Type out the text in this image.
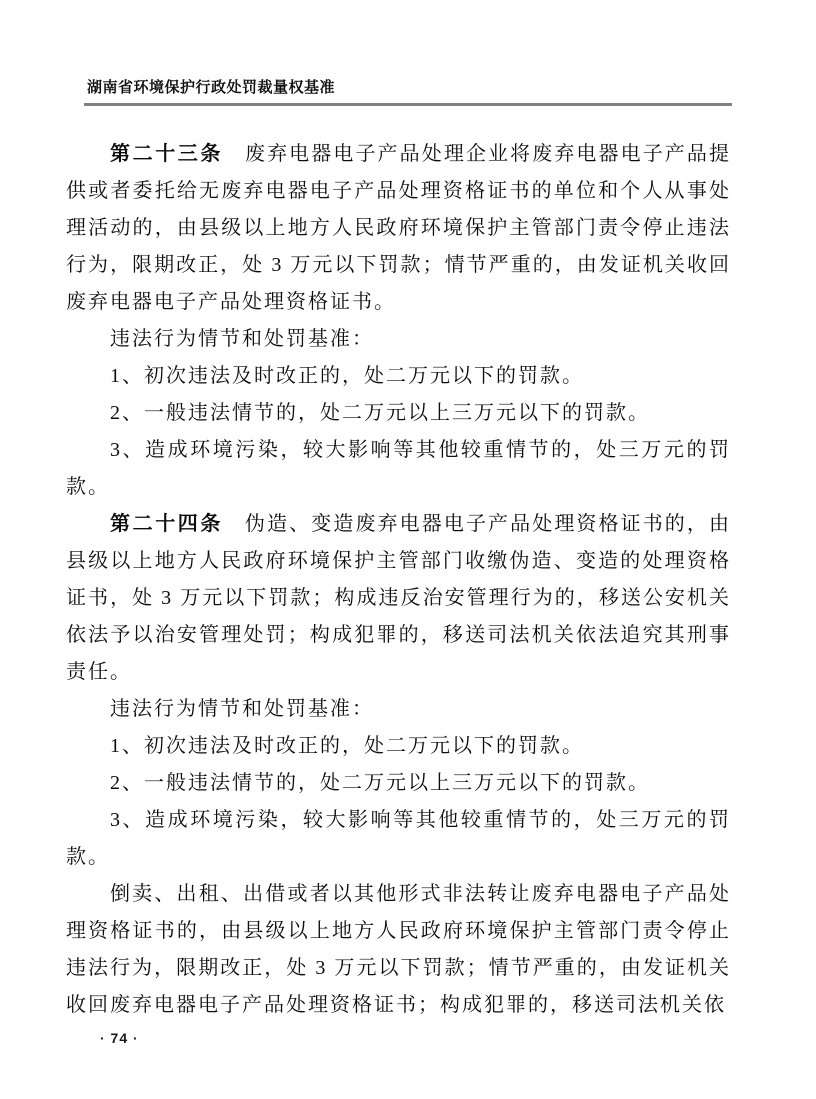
湖南省环境保护行政处罚裁量权基准

第二十三条 废弃电器电子产品处理企业将废弃电器电子产品提供或者委托给无废弃电器电子产品处理资格证书的单位和个人从事处理活动的，由县级以上地方人民政府环境保护主管部门责令停止违法行为，限期改正，处 3 万元以下罚款；情节严重的，由发证机关收回废弃电器电子产品处理资格证书。

违法行为情节和处罚基准：

1、初次违法及时改正的，处二万元以下的罚款。

2、一般违法情节的，处二万元以上三万元以下的罚款。

3、造成环境污染，较大影响等其他较重情节的，处三万元的罚款。

第二十四条 伪造、变造废弃电器电子产品处理资格证书的，由县级以上地方人民政府环境保护主管部门收缴伪造、变造的处理资格证书，处 3 万元以下罚款；构成违反治安管理行为的，移送公安机关依法予以治安管理处罚；构成犯罪的，移送司法机关依法追究其刑事责任。

违法行为情节和处罚基准：

1、初次违法及时改正的，处二万元以下的罚款。

2、一般违法情节的，处二万元以上三万元以下的罚款。

3、造成环境污染，较大影响等其他较重情节的，处三万元的罚款。

倒卖、出租、出借或者以其他形式非法转让废弃电器电子产品处理资格证书的，由县级以上地方人民政府环境保护主管部门责令停止违法行为，限期改正，处 3 万元以下罚款；情节严重的，由发证机关收回废弃电器电子产品处理资格证书；构成犯罪的，移送司法机关依

· 74 ·
